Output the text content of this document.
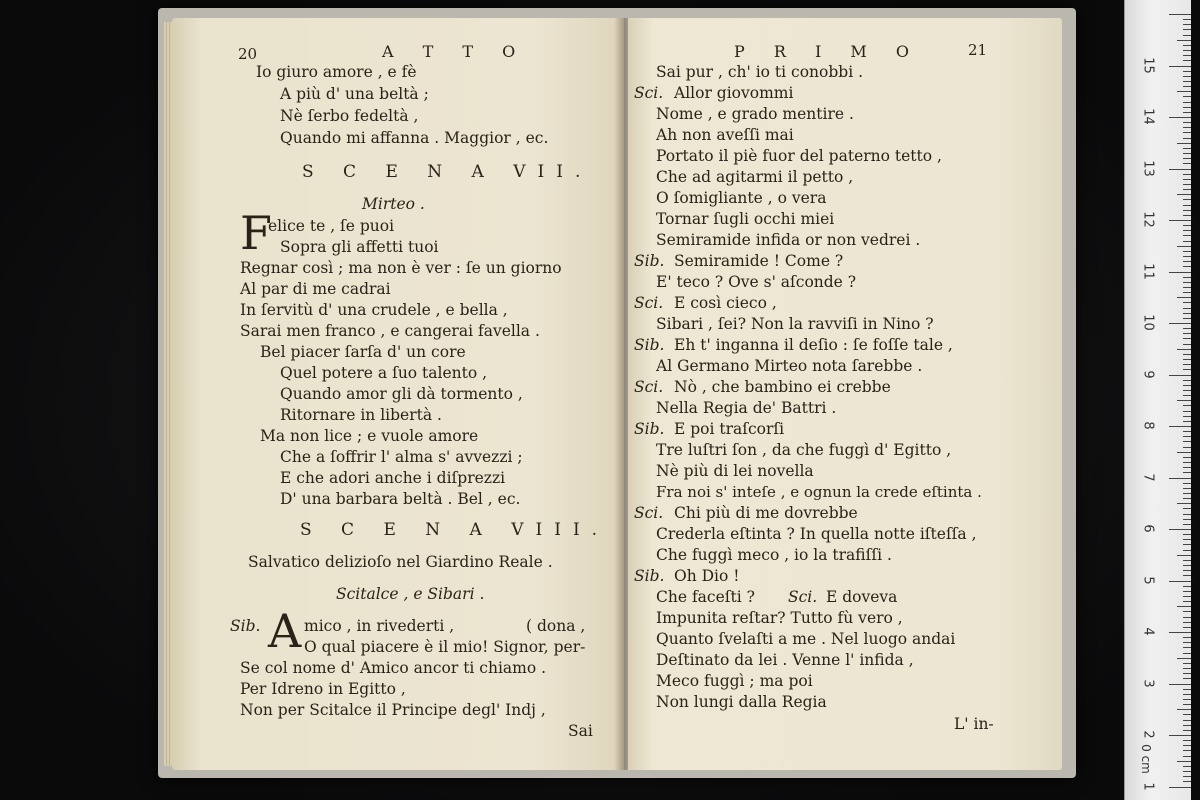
15
14
13
12
11
10
9
8
7
6
5
4
3
2
1
0 cm
20	A T T O
Io giuro amore , e fè
A più d' una beltà ;
Nè ſerbo fedeltà ,
Quando mi affanna . Maggior , ec.
S C E N A VII.
Mirteo .
F
elice te , ſe puoi
Sopra gli affetti tuoi
Regnar così ; ma non è ver : ſe un giorno
Al par di me cadrai
In ſervitù d' una crudele , e bella ,
Sarai men franco , e cangerai favella .
Bel piacer ſarſa d' un core
Quel potere a ſuo talento ,
Quando amor gli dà tormento ,
Ritornare in libertà .
Ma non lice ; e vuole amore
Che a ſoffrir l' alma s' avvezzi ;
E che adori anche i diſprezzi
D' una barbara beltà . Bel , ec.
S C E N A VIII.
Salvatico delizioſo nel Giardino Reale .
Scitalce , e Sibari .
Sib. A mico , in rivederti ,	( dona ,
O qual piacere è il mio! Signor, per-
Se col nome d' Amico ancor ti chiamo .
Per Idreno in Egitto ,
Non per Scitalce il Principe degl' Indj ,
Sai
P R I M O	21
Sai pur , ch' io ti conobbi .
Sci. Allor giovommi
Nome , e grado mentire .
Ah non aveſſi mai
Portato il piè fuor del paterno tetto ,
Che ad agitarmi il petto ,
O ſomigliante , o vera
Tornar ſugli occhi miei
Semiramide infida or non vedrei .
Sib. Semiramide ! Come ?
E' teco ? Ove s' aſconde ?
Sci. E così cieco ,
Sibari , ſei? Non la ravviſi in Nino ?
Sib. Eh t' inganna il deſio : ſe foſſe tale ,
Al Germano Mirteo nota ſarebbe .
Sci. Nò , che bambino ei crebbe
Nella Regia de' Battri .
Sib. E poi traſcorſi
Tre luſtri ſon , da che fuggì d' Egitto ,
Nè più di lei novella
Fra noi s' inteſe , e ognun la crede eſtinta .
Sci. Chi più di me dovrebbe
Crederla eſtinta ? In quella notte iſteſſa ,
Che fuggì meco , io la trafiſſi .
Sib. Oh Dio !
Che faceſti ? Sci. E doveva
Impunita reſtar? Tutto fù vero ,
Quanto ſvelaſti a me . Nel luogo andai
Deſtinato da lei . Venne l' infida ,
Meco fuggì ; ma poi
Non lungi dalla Regia
L' in-
